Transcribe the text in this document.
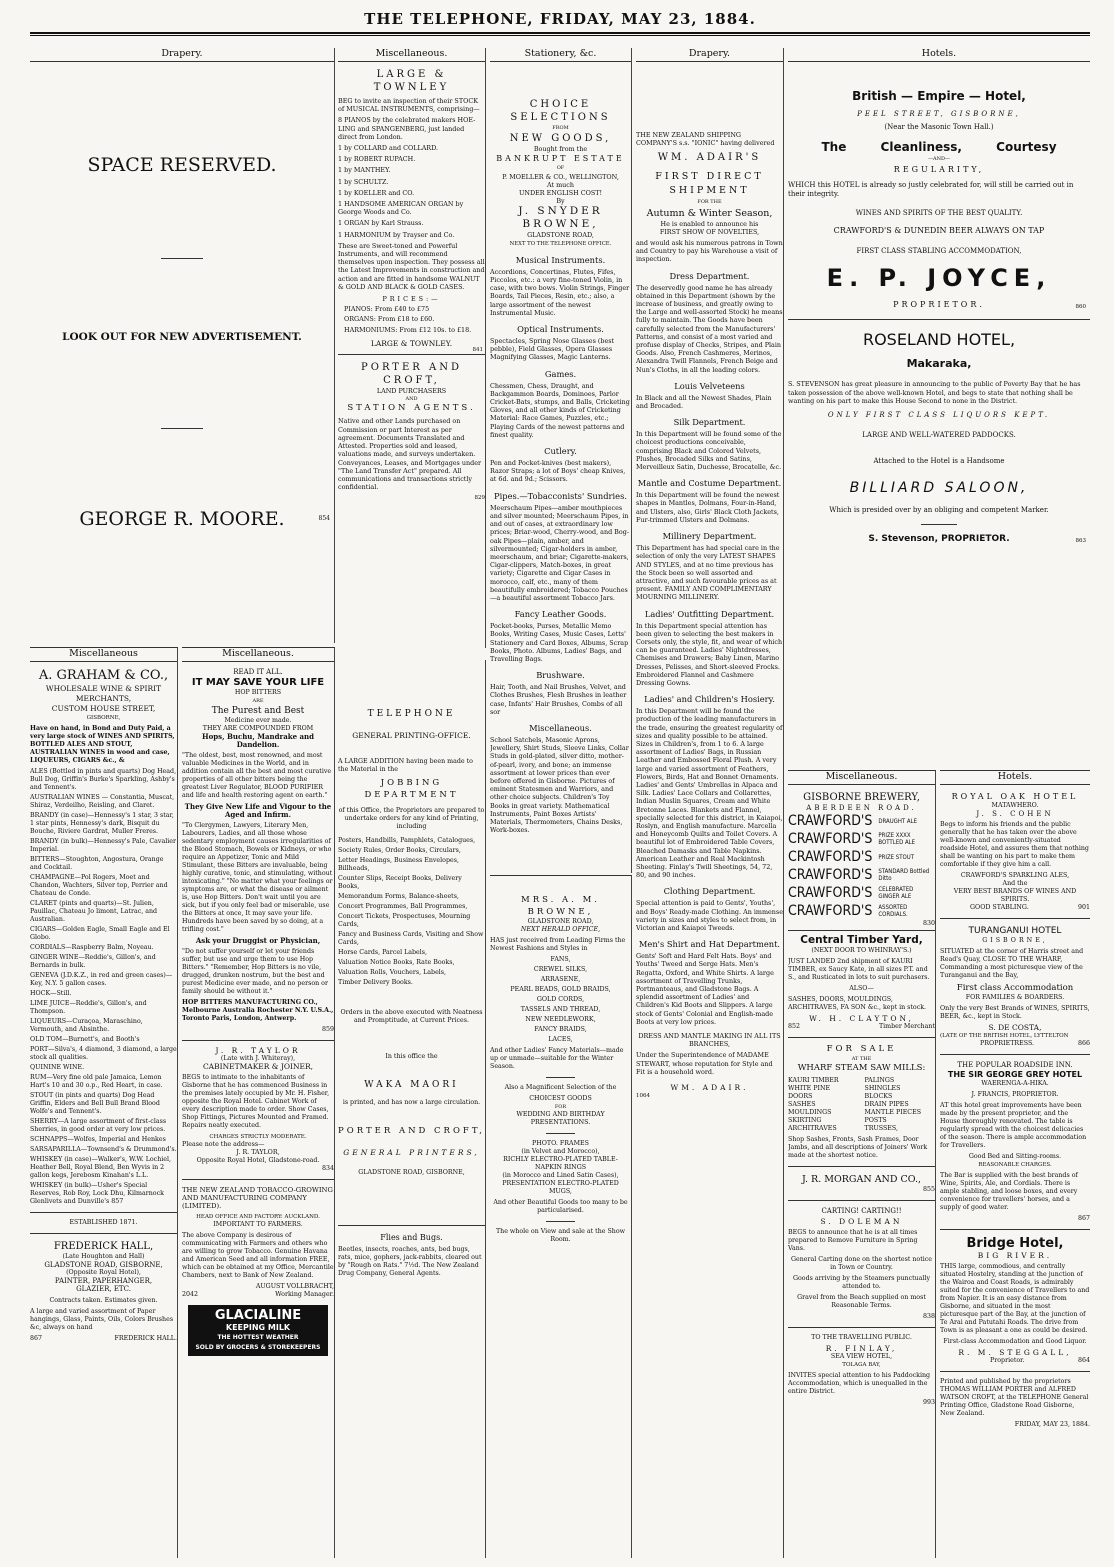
THE TELEPHONE, FRIDAY, MAY 23, 1884.
Drapery.
SPACE RESERVED.
LOOK OUT FOR NEW ADVERTISEMENT.
GEORGE R. MOORE.	854
Miscellaneous.
LARGE & TOWNLEY
BEG to invite an inspection of their STOCK of MUSICAL INSTRUMENTS, comprising—
8 PIANOS by the celebrated makers HOE-LING and SPANGENBERG, just landed direct from London.
1 by COLLARD and COLLARD.
1 by ROBERT RUPACH.
1 by MANTHEY.
1 by SCHULTZ.
1 by KOELLER and CO.
1 HANDSOME AMERICAN ORGAN by George Woods and Co.
1 ORGAN by Karl Strauss.
1 HARMONIUM by Trayser and Co.
These are Sweet-toned and Powerful Instruments, and will recommend themselves upon inspection. They possess all the Latest Improvements in construction and action and are fitted in handsome WALNUT & GOLD AND BLACK & GOLD CASES.
PRICES:—
PIANOS: From £40 to £75
ORGANS: From £18 to £60.
HARMONIUMS: From £12 10s. to £18.
LARGE & TOWNLEY.
841
PORTER AND CROFT,
LAND PURCHASERS
AND
STATION AGENTS.
Native and other Lands purchased on Commission or part Interest as per agreement. Documents Translated and Attested. Properties sold and leased, valuations made, and surveys undertaken. Conveyances, Leases, and Mortgages under "The Land Transfer Act" prepared. All communications and transactions strictly confidential.
829
Stationery, &c.
CHOICE SELECTIONS
FROM
NEW GOODS,
Bought from the
BANKRUPT ESTATE
OF
P. MOELLER & CO., WELLINGTON,
At much
UNDER ENGLISH COST!
By
J. SNYDER BROWNE,
GLADSTONE ROAD,
NEXT TO THE TELEPHONE OFFICE.
Musical Instruments.
Accordions, Concertinas, Flutes, Fifes, Piccolos, etc.: a very fine-toned Violin, in case, with two bows. Violin Strings, Finger Boards, Tail Pieces, Resin, etc.; also, a large assortment of the newest Instrumental Music.
Optical Instruments.
Spectacles, Spring Nose Glasses (best pebble), Field Glasses, Opera Glasses Magnifying Glasses, Magic Lanterns.
Games.
Chessmen, Chess, Draught, and Backgammon Boards, Dominoes, Parlor Cricket-Bats, stumps, and Balls, Cricketing Gloves, and all other kinds of Cricketing Material: Race Games, Puzzles, etc.; Playing Cards of the newest patterns and finest quality.
Cutlery.
Pen and Pocket-knives (best makers), Razor Straps; a lot of Boys' cheap Knives, at 6d. and 9d.; Scissors.
Pipes.—Tobacconists' Sundries.
Meerschaum Pipes—amber mouthpieces and silver mounted; Meerschaum Pipes, in and out of cases, at extraordinary low prices; Briar-wood, Cherry-wood, and Bog-oak Pipes—plain, amber, and silvermounted; Cigar-holders in amber, meerschaum, and briar; Cigarette-makers, Cigar-clippers, Match-boxes, in great variety; Cigarette and Cigar Cases in morocco, calf, etc., many of them beautifully embroidered; Tobacco Pouches—a beautiful assortment Tobacco Jars.
Fancy Leather Goods.
Pocket-books, Purses, Metallic Memo Books, Writing Cases, Music Cases, Letts' Stationery and Card Boxes, Albums, Scrap Books, Photo. Albums, Ladies' Bags, and Travelling Bags.
Brushware.
Hair, Tooth, and Nail Brushes, Velvet, and Clothes Brushes, Flesh Brushes in leather case, Infants' Hair Brushes, Combs of all sor
Miscellaneous.
School Satchels, Masonic Aprons, Jewellery, Shirt Studs, Sleeve Links, Collar Studs in gold-plated, silver ditto, mother-of-pearl, ivory, and bone; an immense assortment at lower prices than ever before offered in Gisborne. Pictures of eminent Statesmen and Warriors, and other choice subjects. Children's Toy Books in great variety. Mathematical Instruments, Paint Boxes Artists' Materials, Thermometers, Chains Desks, Work-boxes.
Drapery.
THE NEW ZEALAND SHIPPING COMPANY'S s.s. "IONIC" having delivered
WM. ADAIR'S
FIRST DIRECT SHIPMENT
FOR THE
Autumn & Winter Season,
He is enabled to announce his
FIRST SHOW OF NOVELTIES,
and would ask his numerous patrons in Town and Country to pay his Warehouse a visit of inspection.
Dress Department.
The deservedly good name he has already obtained in this Department (shown by the increase of business, and greatly owing to the Large and well-assorted Stock) he means fully to maintain. The Goods have been carefully selected from the Manufacturers' Patterns, and consist of a most varied and profuse display of Checks, Stripes, and Plain Goods. Also, French Cashmeres, Merinos, Alexandra Twill Flannels, French Beige and Nun's Cloths, in all the leading colors.
Louis Velveteens
In Black and all the Newest Shades, Plain and Brocaded.
Silk Department.
In this Department will be found some of the choicest productions conceivable, comprising Black and Colored Velvets, Plushes, Brocaded Silks and Satins, Merveilleux Satin, Duchesse, Brocatelle, &c.
Mantle and Costume Department.
In this Department will be found the newest shapes in Mantles, Dolmans, Four-in-Hand, and Ulsters, also, Girls' Black Cloth Jackets, Fur-trimmed Ulsters and Dolmans.
Millinery Department.
This Department has had special care in the selection of only the very LATEST SHAPES AND STYLES, and at no time previous has the Stock been so well assorted and attractive, and such favourable prices as at present. FAMILY AND COMPLIMENTARY MOURNING MILLINERY.
Ladies' Outfitting Department.
In this Department special attention has been given to selecting the best makers in Corsets only, the style, fit, and wear of which can be guaranteed. Ladies' Nightdresses, Chemises and Drawers; Baby Linen, Marino Dresses, Pelisses, and Short-sleeved Frocks. Embroidered Flannel and Cashmere Dressing Gowns.
Ladies' and Children's Hosiery.
In this Department will be found the production of the leading manufacturers in the trade, ensuring the greatest regularity of sizes and quality possible to be attained. Sizes in Children's, from 1 to 6. A large assortment of Ladies' Bags, in Russian Leather and Embossed Floral Plush. A very large and varied assortment of Feathers, Flowers, Birds, Hat and Bonnet Ornaments. Ladies' and Gents' Umbrellas in Alpaca and Silk. Ladies' Lace Collars and Collarettes, Indian Muslin Squares, Cream and White Bretonne Laces. Blankets and Flannel, specially selected for this district, in Kaiapoi, Roslyn, and English manufacture. Marcella and Honeycomb Quilts and Toilet Covers. A beautiful lot of Embroidered Table Covers, Bleached Damasks and Table Napkins. American Leather and Real Mackintosh Sheeting. Finlay's Twill Sheetings, 54, 72, 80, and 90 inches.
Clothing Department.
Special attention is paid to Gents', Youths', and Boys' Ready-made Clothing. An immense variety in sizes and styles to select from, in Victorian and Kaiapoi Tweeds.
Men's Shirt and Hat Department.
Gents' Soft and Hard Felt Hats. Boys' and Youths' Tweed and Serge Hats. Men's Regatta, Oxford, and White Shirts. A large assortment of Travelling Trunks, Portmanteaus, and Gladstone Bags. A splendid assortment of Ladies' and Children's Kid Boots and Slippers. A large stock of Gents' Colonial and English-made Boots at very low prices.
DRESS AND MANTLE MAKING IN ALL ITS BRANCHES,
Under the Superintendence of MADAME STEWART, whose reputation for Style and Fit is a household word.
WM. ADAIR.
1064
Hotels.
British — Empire — Hotel,
PEEL STREET, GISBORNE,
(Near the Masonic Town Hall.)
The Cleanliness, Courtesy
—AND—
REGULARITY,
WHICH this HOTEL is already so justly celebrated for, will still be carried out in their integrity.
WINES AND SPIRITS OF THE BEST QUALITY.
CRAWFORD'S & DUNEDIN BEER ALWAYS ON TAP
FIRST CLASS STABLING ACCOMMODATION,
E. P. JOYCE,
PROPRIETOR.	860
ROSELAND HOTEL,
Makaraka,
S. STEVENSON has great pleasure in announcing to the public of Poverty Bay that he has taken possession of the above well-known Hotel, and begs to state that nothing shall be wanting on his part to make this House Second to none in the District.
ONLY FIRST CLASS LIQUORS KEPT.
LARGE AND WELL-WATERED PADDOCKS.
Attached to the Hotel is a Handsome
BILLIARD SALOON,
Which is presided over by an obliging and competent Marker.
S. Stevenson, PROPRIETOR.	863
Miscellaneous
A. GRAHAM & CO.,
WHOLESALE WINE & SPIRIT MERCHANTS,
CUSTOM HOUSE STREET,
GISBORNE,
Have on hand, in Bond and Duty Paid, a very large stock of WINES AND SPIRITS, BOTTLED ALES AND STOUT, AUSTRALIAN WINES in wood and case, LIQUEURS, CIGARS &c., &
ALES (Bottled in pints and quarts) Dog Head, Bull Dog, Griffin's Burke's Sparkling, Ashby's and Tennent's.
AUSTRALIAN WINES — Constantia, Muscat, Shiraz, Verdeilho, Reisling, and Claret.
BRANDY (in case)—Hennessy's 1 star, 3 star, 1 star pints, Hennessy's dark, Bisquit du Bouche, Riviere Gardrat, Muller Freres.
BRANDY (in bulk)—Hennessy's Pale, Cavalier Imperial.
BITTERS—Stoughton, Angostura, Orange and Cocktail.
CHAMPAGNE—Pol Rogers, Moet and Chandon, Wachters, Silver top, Perrier and Chateau de Conde.
CLARET (pints and quarts)—St. Julien, Pauillac, Chateau Jo limont, Latrac, and Australian.
CIGARS—Golden Eagle, Small Eagle and El Globo.
CORDIALS—Raspberry Balm, Noyeau.
GINGER WINE—Reddie's, Gillon's, and Bernards in bulk.
GENEVA (J.D.K.Z., in red and green cases)—Key, N.Y. 5 gallon cases.
HOCK—Still.
LIME JUICE—Reddie's, Gillon's, and Thompson.
LIQUEURS—Curaçoa, Maraschino, Vermouth, and Absinthe.
OLD TOM—Burnett's, and Booth's
PORT—Silva's, 4 diamond, 3 diamond, a large stock all qualities.
QUININE WINE.
RUM—Very fine old pale Jamaica, Lemon Hart's 10 and 30 o.p., Red Heart, in case.
STOUT (in pints and quarts) Dog Head Griffin, Elders and Bell Bull Brand Blood Wolfe's and Tennent's.
SHERRY—A large assortment of first-class Sherries, in good order at very low prices.
SCHNAPPS—Wolfes, Imperial and Henkes
SARSAPARILLA—Townsend's & Drummond's.
WHISKEY (in case)—Walker's, W.W. Lochiel, Heather Bell, Royal Blend, Ben Wyvis in 2 gallon kegs, Jerebosm Kinahan's L.L.
WHISKEY (in bulk)—Usher's Special Reserves, Rob Roy, Lock Dhu, Kilmarnock Glenlivets and Dunville's 857
ESTABLISHED 1871.
FREDERICK HALL,
(Late Houghton and Hall)
GLADSTONE ROAD, GISBORNE,
(Opposite Royal Hotel),
PAINTER, PAPERHANGER,
GLAZIER, ETC.
Contracts taken. Estimates given.
A large and varied assortment of Paper hangings, Glass, Paints, Oils, Colors Brushes &c, always on hand
867	FREDERICK HALL.
Miscellaneous.
READ IT ALL.
IT MAY SAVE YOUR LIFE
HOP BITTERS
ARE
The Purest and Best
Medicine ever made.
THEY ARE COMPOUNDED FROM
Hops, Buchu, Mandrake and Dandelion.
"The oldest, best, most renowned, and most valuable Medicines in the World, and in addition contain all the best and most curative properties of all other bitters being the greatest Liver Regulator, BLOOD PURIFIER and life and health restoring agent on earth."
They Give New Life and Vigour to the Aged and Infirm.
"To Clergymen, Lawyers, Literary Men, Labourers, Ladies, and all those whose sedentary employment causes irregularities of the Blood Stomach, Bowels or Kidneys, or who require an Appetizer, Tonic and Mild Stimulant, these Bitters are invaluable, being highly curative, tonic, and stimulating, without intoxicating." "No matter what your feelings or symptoms are, or what the disease or ailment is, use Hop Bitters. Don't wait until you are sick, but if you only feel bad or miserable, use the Bitters at once, It may save your life. Hundreds have been saved by so doing, at a trifling cost."
Ask your Druggist or Physician,
"Do not suffer yourself or let your friends suffer, but use and urge them to use Hop Bitters." "Remember, Hop Bitters is no vile, drugged, drunken nostrum, but the best and purest Medicine ever made, and no person or family should be without it."
HOP BITTERS MANUFACTURING CO., Melbourne Australia Rochester N.Y. U.S.A., Toronto Paris, London, Antwerp.
859
J. R. TAYLOR
(Late with J. Whiteray),
CABINETMAKER & JOINER,
BEGS to intimate to the inhabitants of Gisborne that he has commenced Business in the premises lately occupied by Mr. H. Fisher, opposite the Royal Hotel. Cabinet Work of every description made to order. Show Cases, Shop Fittings, Pictures Mounted and Framed. Repairs neatly executed.
CHARGES STRICTLY MODERATE.
Please note the address—
J. R. TAYLOR,
Opposite Royal Hotel, Gladstone-road.
834
THE NEW ZEALAND TOBACCO-GROWING AND MANUFACTURING COMPANY (LIMITED).
HEAD OFFICE AND FACTORY: AUCKLAND.
IMPORTANT TO FARMERS.
The above Company is desirous of communicating with Farmers and others who are willing to grow Tobacco. Genuine Havana and American Seed and all information FREE, which can be obtained at my Office, Mercantile Chambers, next to Bank of New Zealand.
AUGUST VOLLBRACHT,
2042	Working Manager.
GLACIALINE
KEEPING MILK
THE HOTTEST WEATHER
SOLD BY GROCERS & STOREKEEPERS
TELEPHONE
GENERAL PRINTING-OFFICE.
A LARGE ADDITION having been made to the Material in the
JOBBING DEPARTMENT
of this Office, the Proprietors are prepared to undertake orders for any kind of Printing, including
Posters, Handbills, Pamphlets, Catalogues,
Society Rules, Order Books, Circulars,
Letter Headings, Business Envelopes, Billheads,
Counter Slips, Receipt Books, Delivery Books,
Memorandum Forms, Balance-sheets,
Concert Programmes, Ball Programmes,
Concert Tickets, Prospectuses, Mourning Cards,
Fancy and Business Cards, Visiting and Show Cards,
Horse Cards, Parcel Labels,
Valuation Notice Books, Rate Books,
Valuation Rolls, Vouchers, Labels,
Timber Delivery Books.
Orders in the above executed with Neatness and Promptitude, at Current Prices.
In this office the
WAKA MAORI
is printed, and has now a large circulation.
PORTER AND CROFT,
GENERAL PRINTERS,
GLADSTONE ROAD, GISBORNE,
Flies and Bugs.
Beetles, insects, roaches, ants, bed bugs, rats, mice, gophers, jack-rabbits, cleared out by "Rough on Rats." 7½d. The New Zealand Drug Company, General Agents.
MRS. A. M. BROWNE,
GLADSTONE ROAD,
NEXT HERALD OFFICE,
HAS just received from Leading Firms the Newest Fashions and Styles in
FANS,
CREWEL SILKS,
ARRASENE,
PEARL BEADS, GOLD BRAIDS,
GOLD CORDS,
TASSELS AND THREAD,
NEW NEEDLEWORK,
FANCY BRAIDS,
LACES,
And other Ladies' Fancy Materials—made up or unmade—suitable for the Winter Season.
Also a Magnificent Selection of the
CHOICEST GOODS
FOR
WEDDING AND BIRTHDAY PRESENTATIONS.
PHOTO. FRAMES
(in Velvet and Morocco),
RICHLY ELECTRO-PLATED TABLE-NAPKIN RINGS
(in Morocco and Lined Satin Cases),
PRESENTATION ELECTRO-PLATED MUGS,
And other Beautiful Goods too many to be particularised.
The whole on View and sale at the Show Room.
Miscellaneous.
GISBORNE BREWERY,
ABERDEEN ROAD.
CRAWFORD'S DRAUGHT ALE
CRAWFORD'S PRIZE XXXX BOTTLED ALE
CRAWFORD'S PRIZE STOUT
CRAWFORD'S STANDARD Bottled Ditto
CRAWFORD'S CELEBRATED GINGER ALE
CRAWFORD'S ASSORTED CORDIALS.
830
Central Timber Yard,
(NEXT DOOR TO WHINRAY'S.)
JUST LANDED 2nd shipment of KAURI TIMBER, ex Saucy Kate, in all sizes P.T. and S., and Rusticated in lots to suit purchasers.
ALSO—
SASHES, DOORS, MOULDINGS, ARCHITRAVES, FA SON &c., kept in stock.
W. H. CLAYTON,
852	Timber Merchant
FOR SALE
AT THE
WHARF STEAM SAW MILLS:
KAURI TIMBER
WHITE PINE
DOORS
SASHES
MOULDINGS
SKIRTING
ARCHITRAVES
PALINGS
SHINGLES
BLOCKS
DRAIN PIPES
MANTLE PIECES
POSTS
TRUSSES,
Shop Sashes, Fronts, Sash Frames, Door Jambs, and all descriptions of Joiners' Work made at the shortest notice.
J. R. MORGAN AND CO.,
855
CARTING! CARTING!!
S. DOLEMAN
BEGS to announce that he is at all times prepared to Remove Furniture in Spring Vans.
General Carting done on the shortest notice in Town or Country.
Goods arriving by the Steamers punctually attended to.
Gravel from the Beach supplied on most Reasonable Terms.
838
TO THE TRAVELLING PUBLIC.
R. FINLAY,
SEA VIEW HOTEL,
TOLAGA BAY,
INVITES special attention to his Paddocking Accommodation, which is unequalled in the entire District.
993
Hotels.
ROYAL OAK HOTEL
MATAWHERO.
J. S. COHEN
Begs to inform his friends and the public generally that he has taken over the above well-known and conveniently-situated roadside Hotel, and assures them that nothing shall be wanting on his part to make them comfortable if they give him a call.
CRAWFORD'S SPARKLING ALES,
And the
VERY BEST BRANDS OF WINES AND SPIRITS.
GOOD STABLING.	901
TURANGANUI HOTEL
GISBORNE,
SITUATED at the corner of Harris street and Read's Quay, CLOSE TO THE WHARF, Commanding a most picturesque view of the Turanganui and the Bay,
First class Accommodation
FOR FAMILIES & BOARDERS.
Only the very Best Brands of WINES, SPIRITS, BEER, &c., kept in Stock.
S. DE COSTA,
(LATE OF THE BRITISH HOTEL, LYTTELTON
PROPRIETRESS.	866
THE POPULAR ROADSIDE INN.
THE SIR GEORGE GREY HOTEL
WAERENGA-A-HIKA.
J. FRANCIS, PROPRIETOR.
AT this hotel great improvements have been made by the present proprietor, and the House thoroughly renovated. The table is regularly spread with the choicest delicacies of the season. There is ample accommodation for Travellers.
Good Bed and Sitting-rooms.
REASONABLE CHARGES.
The Bar is supplied with the best brands of Wine, Spirits, Ale, and Cordials. There is ample stabling, and loose boxes, and every convenience for travellers' horses, and a supply of good water.
867
Bridge Hotel,
BIG RIVER.
THIS large, commodious, and centrally situated Hostelry, standing at the junction of the Wairoa and Coast Roads, is admirably suited for the convenience of Travellers to and from Napier. It is an easy distance from Gisborne, and situated in the most picturesque part of the Bay, at the junction of Te Arai and Patutahi Roads. The drive from Town is as pleasant a one as could be desired.
First-class Accommodation and Good Liquor.
R. M. STEGGALL,
Proprietor.	864
Printed and published by the proprietors THOMAS WILLIAM PORTER and ALFRED WATSON CROFT, at the TELEPHONE General Printing Office, Gladstone Road Gisborne, New Zealand.
FRIDAY, MAY 23, 1884.
